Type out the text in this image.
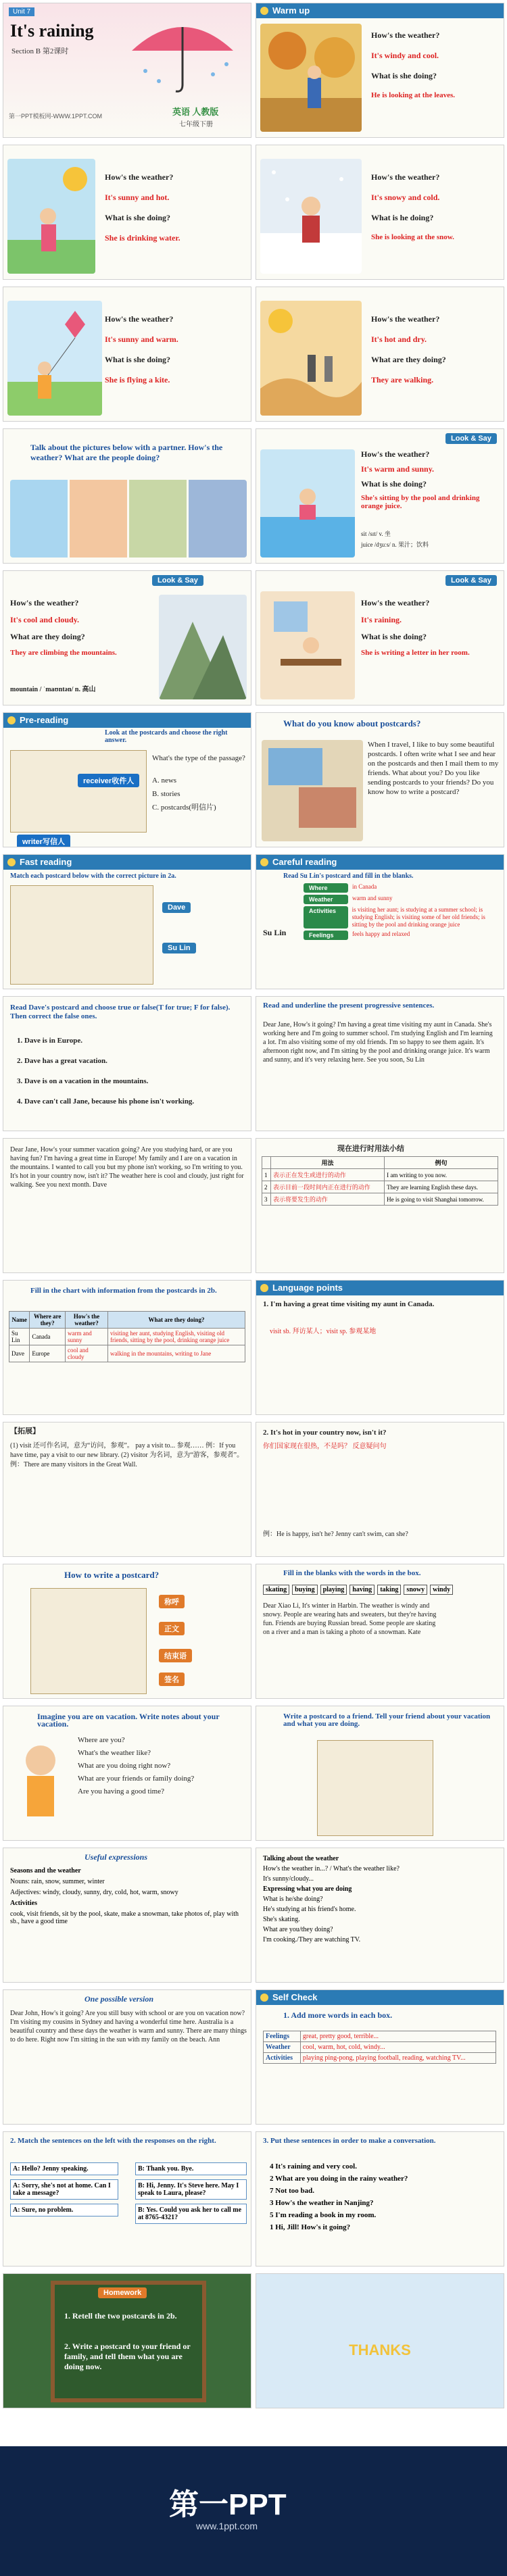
Unit 7
It's raining
Section B 第2课时
第一PPT模板网-WWW.1PPT.COM	英语 人教版
七年级下册
Warm up
How's the weather?
It's windy and cool.
What is she doing?
He is looking at the leaves.
How's the weather?
It's sunny and hot.
What is she doing?
She is drinking water.
How's the weather?
It's snowy and cold.
What is he doing?
She is looking at the snow.
How's the weather?
It's sunny and warm.
What is she doing?
She is flying a kite.
How's the weather?
It's hot and dry.
What are they doing?
They are walking.
Talk about the pictures below with a partner. How's the weather? What are the people doing?
Look & Say
How's the weather?
It's warm and sunny.
What is she doing?
She's sitting by the pool and drinking orange juice.
sit /sɪt/ v. 坐
juice /dʒuːs/ n. 果汁；饮料
Look & Say
How's the weather?
It's cool and cloudy.
What are they doing?
They are climbing the mountains.
mountain / ˈmaʊntən/ n. 高山
Look & Say
How's the weather?
It's raining.
What is she doing?
She is writing a letter in her room.
Pre-reading
Look at the postcards and choose the right answer.
receiver收件人
writer写信人
What's the type of the passage?
A. news
B. stories
C. postcards(明信片)
What do you know about postcards?
When I travel, I like to buy some beautiful postcards. I often write what I see and hear on the postcards and then I mail them to my friends. What about you? Do you like sending postcards to your friends? Do you know how to write a postcard?
Fast reading
Match each postcard below with the correct picture in 2a.
Dave
Su Lin
Careful reading
Read Su Lin's postcard and fill in the blanks.
Su Lin
Where	in Canada
Weather	warm and sunny
Activities	is visiting her aunt; is studying at a summer school; is studying English; is visiting some of her old friends; is sitting by the pool and drinking orange juice
Feelings	feels happy and relaxed
Read Dave's postcard and choose true or false(T for true; F for false). Then correct the false ones.
1. Dave is in Europe.
2. Dave has a great vacation.
3. Dave is on a vacation in the mountains.
4. Dave can't call Jane, because his phone isn't working.
Read and underline the present progressive sentences.
Dear Jane, How's it going? I'm having a great time visiting my aunt in Canada. She's working here and I'm going to summer school. I'm studying English and I'm learning a lot. I'm also visiting some of my old friends. I'm so happy to see them again. It's afternoon right now, and I'm sitting by the pool and drinking orange juice. It's warm and sunny, and it's very relaxing here. See you soon, Su Lin
Dear Jane, How's your summer vacation going? Are you studying hard, or are you having fun? I'm having a great time in Europe! My family and I are on a vacation in the mountains. I wanted to call you but my phone isn't working, so I'm writing to you. It's hot in your country now, isn't it? The weather here is cool and cloudy, just right for walking. See you next month. Dave
现在进行时用法小结
	用法	例句
1	表示正在发生或进行的动作	I am writing to you now.
2	表示目前一段时间内正在进行的动作	They are learning English these days.
3	表示将要发生的动作	He is going to visit Shanghai tomorrow.
Fill in the chart with information from the postcards in 2b.
Name	Where are they?	How's the weather?	What are they doing?
Su Lin	Canada	warm and sunny	visiting her aunt, studying English, visiting old friends, sitting by the pool, drinking orange juice
Dave	Europe	cool and cloudy	walking in the mountains, writing to Jane
Language points
1. I'm having a great time visiting my aunt in Canada.
visit sb. 拜访某人；visit sp. 参观某地
【拓展】
(1) visit 还可作名词，意为“访问，参观”。 pay a visit to... 参观…… 例：If you have time, pay a visit to our new library. (2) visitor 为名词，意为“游客，参观者”。例：There are many visitors in the Great Wall.
2. It's hot in your country now, isn't it?
你们国家现在很热，不是吗？ 反意疑问句
例：He is happy, isn't he? Jenny can't swim, can she?
How to write a postcard?
称呼
正文
结束语
签名
Fill in the blanks with the words in the box.
skating	buying	playing	having	taking	snowy	windy
Dear Xiao Li, It's winter in Harbin. The weather is windy and snowy. People are wearing hats and sweaters, but they're having fun. Friends are buying Russian bread. Some people are skating on a river and a man is taking a photo of a snowman. Kate
Imagine you are on vacation. Write notes about your vacation.
Where are you?
What's the weather like?
What are you doing right now?
What are your friends or family doing?
Are you having a good time?
Write a postcard to a friend. Tell your friend about your vacation and what you are doing.
Useful expressions
Seasons and the weather
Nouns: rain, snow, summer, winter
Adjectives: windy, cloudy, sunny, dry, cold, hot, warm, snowy
Activities
cook, visit friends, sit by the pool, skate, make a snowman, take photos of, play with sb., have a good time
Talking about the weather
How's the weather in...? / What's the weather like?
It's sunny/cloudy...
Expressing what you are doing
What is he/she doing?
He's studying at his friend's home.
She's skating.
What are you/they doing?
I'm cooking./They are watching TV.
One possible version
Dear John, How's it going? Are you still busy with school or are you on vacation now? I'm visiting my cousins in Sydney and having a wonderful time here. Australia is a beautiful country and these days the weather is warm and sunny. There are many things to do here. Right now I'm sitting in the sun with my family on the beach. Ann
Self Check
1. Add more words in each box.
Feelings	great, pretty good, terrible...
Weather	cool, warm, hot, cold, windy...
Activities	playing ping-pong, playing football, reading, watching TV...
2. Match the sentences on the left with the responses on the right.
A: Hello? Jenny speaking.
A: Sorry, she's not at home. Can I take a message?
A: Sure, no problem.
B: Thank you. Bye.
B: Hi, Jenny. It's Steve here. May I speak to Laura, please?
B: Yes. Could you ask her to call me at 8765-4321?
3. Put these sentences in order to make a conversation.
4 It's raining and very cool.
2 What are you doing in the rainy weather?
7 Not too bad.
3 How's the weather in Nanjing?
5 I'm reading a book in my room.
1 Hi, Jill! How's it going?
Homework
1. Retell the two postcards in 2b.
2. Write a postcard to your friend or family, and tell them what you are doing now.
THANKS
第一PPT
www.1ppt.com
